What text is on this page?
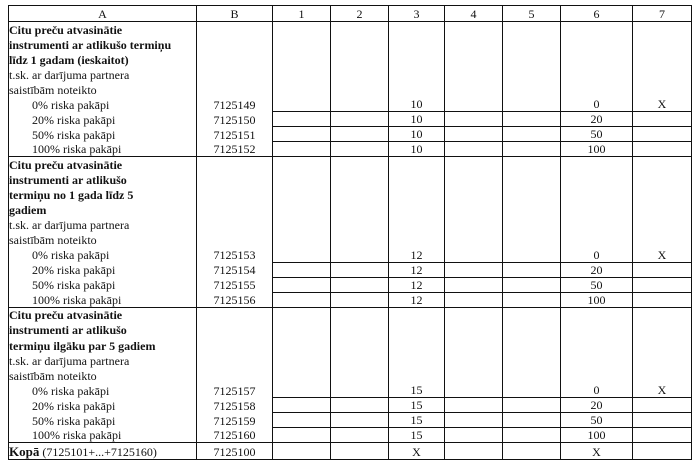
A	B	1	2	3	4	5	6	7
Citu preču atvasinātie								
instrumenti ar atlikušo termiņu								
līdz 1 gadam (ieskaitot)								
t.sk. ar darījuma partnera								
saistībām noteikto								
0% riska pakāpi	7125149			10			0	X
20% riska pakāpi	7125150			10			20	
50% riska pakāpi	7125151			10			50	
100% riska pakāpi	7125152			10			100	
Citu preču atvasinātie								
instrumenti ar atlikušo								
termiņu no 1 gada līdz 5								
gadiem								
t.sk. ar darījuma partnera								
saistībām noteikto								
0% riska pakāpi	7125153			12			0	X
20% riska pakāpi	7125154			12			20	
50% riska pakāpi	7125155			12			50	
100% riska pakāpi	7125156			12			100	
Citu preču atvasinātie								
instrumenti ar atlikušo								
termiņu ilgāku par 5 gadiem								
t.sk. ar darījuma partnera								
saistībām noteikto								
0% riska pakāpi	7125157			15			0	X
20% riska pakāpi	7125158			15			20	
50% riska pakāpi	7125159			15			50	
100% riska pakāpi	7125160			15			100	
Kopā (7125101+...+7125160)	7125100			X			X	
